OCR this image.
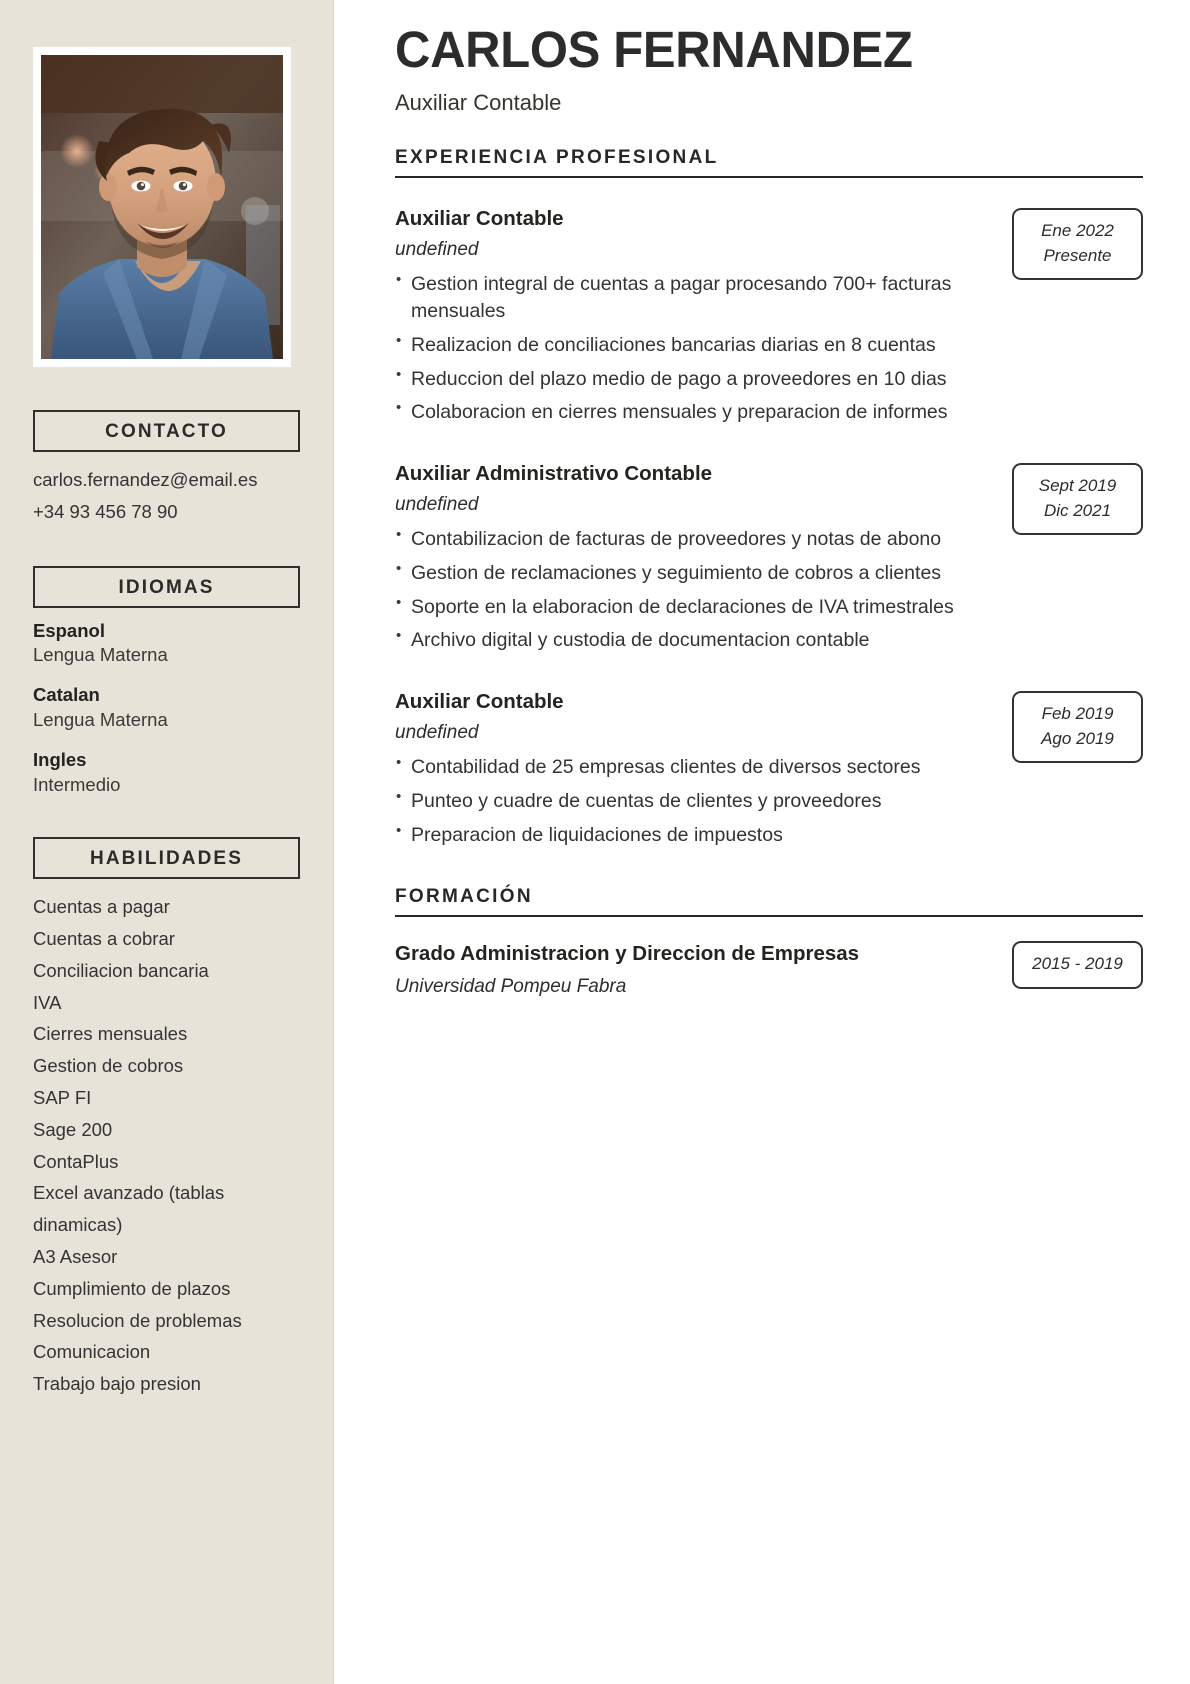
CONTACTO
carlos.fernandez@email.es
+34 93 456 78 90
IDIOMAS
Espanol
Lengua Materna
Catalan
Lengua Materna
Ingles
Intermedio
HABILIDADES
Cuentas a pagar
Cuentas a cobrar
Conciliacion bancaria
IVA
Cierres mensuales
Gestion de cobros
SAP FI
Sage 200
ContaPlus
Excel avanzado (tablas dinamicas)
A3 Asesor
Cumplimiento de plazos
Resolucion de problemas
Comunicacion
Trabajo bajo presion
CARLOS FERNANDEZ
Auxiliar Contable
EXPERIENCIA PROFESIONAL
Auxiliar Contable
undefined
• Gestion integral de cuentas a pagar procesando 700+ facturas mensuales
• Realizacion de conciliaciones bancarias diarias en 8 cuentas
• Reduccion del plazo medio de pago a proveedores en 10 dias
• Colaboracion en cierres mensuales y preparacion de informes
Ene 2022
Presente
Auxiliar Administrativo Contable
undefined
• Contabilizacion de facturas de proveedores y notas de abono
• Gestion de reclamaciones y seguimiento de cobros a clientes
• Soporte en la elaboracion de declaraciones de IVA trimestrales
• Archivo digital y custodia de documentacion contable
Sept 2019
Dic 2021
Auxiliar Contable
undefined
• Contabilidad de 25 empresas clientes de diversos sectores
• Punteo y cuadre de cuentas de clientes y proveedores
• Preparacion de liquidaciones de impuestos
Feb 2019
Ago 2019
FORMACIÓN
Grado Administracion y Direccion de Empresas
Universidad Pompeu Fabra
2015 - 2019
